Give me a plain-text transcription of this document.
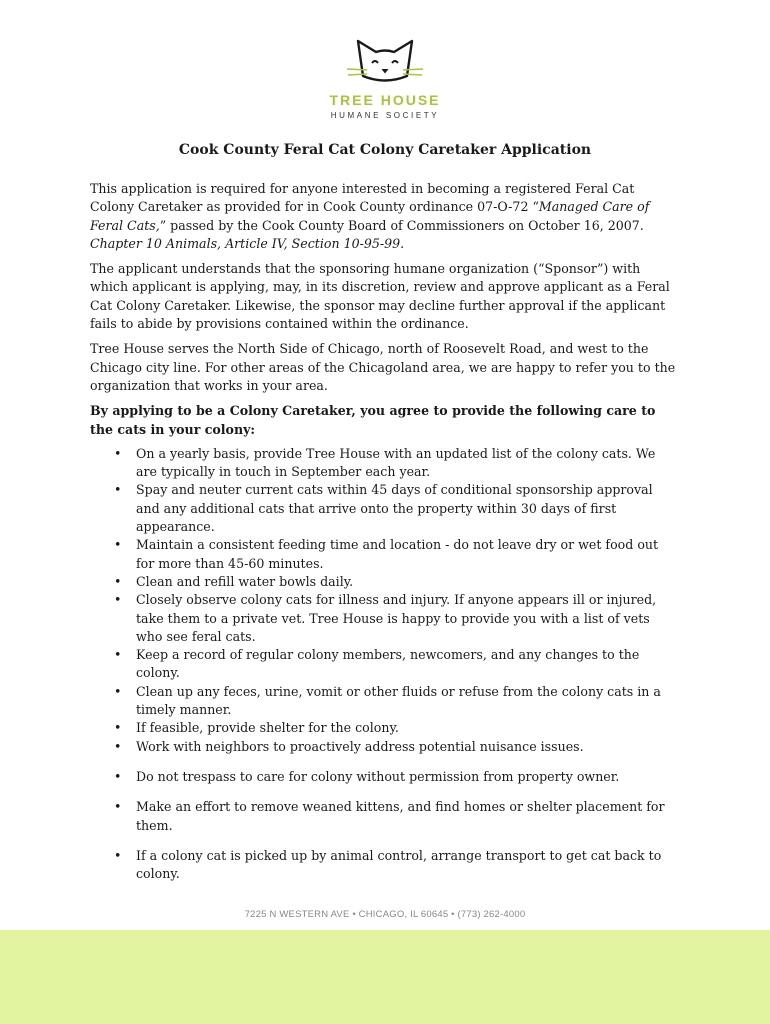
TREE HOUSE
HUMANE SOCIETY
Cook County Feral Cat Colony Caretaker Application

This application is required for anyone interested in becoming a registered Feral Cat Colony Caretaker as provided for in Cook County ordinance 07-O-72 “Managed Care of Feral Cats,” passed by the Cook County Board of Commissioners on October 16, 2007. Chapter 10 Animals, Article IV, Section 10-95-99.

The applicant understands that the sponsoring humane organization (“Sponsor”) with which applicant is applying, may, in its discretion, review and approve applicant as a Feral Cat Colony Caretaker. Likewise, the sponsor may decline further approval if the applicant fails to abide by provisions contained within the ordinance.

Tree House serves the North Side of Chicago, north of Roosevelt Road, and west to the Chicago city line. For other areas of the Chicagoland area, we are happy to refer you to the organization that works in your area.

By applying to be a Colony Caretaker, you agree to provide the following care to the cats in your colony:

• On a yearly basis, provide Tree House with an updated list of the colony cats. We are typically in touch in September each year.
• Spay and neuter current cats within 45 days of conditional sponsorship approval and any additional cats that arrive onto the property within 30 days of first appearance.
• Maintain a consistent feeding time and location - do not leave dry or wet food out for more than 45-60 minutes.
• Clean and refill water bowls daily.
• Closely observe colony cats for illness and injury. If anyone appears ill or injured, take them to a private vet. Tree House is happy to provide you with a list of vets who see feral cats.
• Keep a record of regular colony members, newcomers, and any changes to the colony.
• Clean up any feces, urine, vomit or other fluids or refuse from the colony cats in a timely manner.
• If feasible, provide shelter for the colony.
• Work with neighbors to proactively address potential nuisance issues.
• Do not trespass to care for colony without permission from property owner.
• Make an effort to remove weaned kittens, and find homes or shelter placement for them.
• If a colony cat is picked up by animal control, arrange transport to get cat back to colony.
7225 N WESTERN AVE • CHICAGO, IL 60645 • (773) 262-4000
